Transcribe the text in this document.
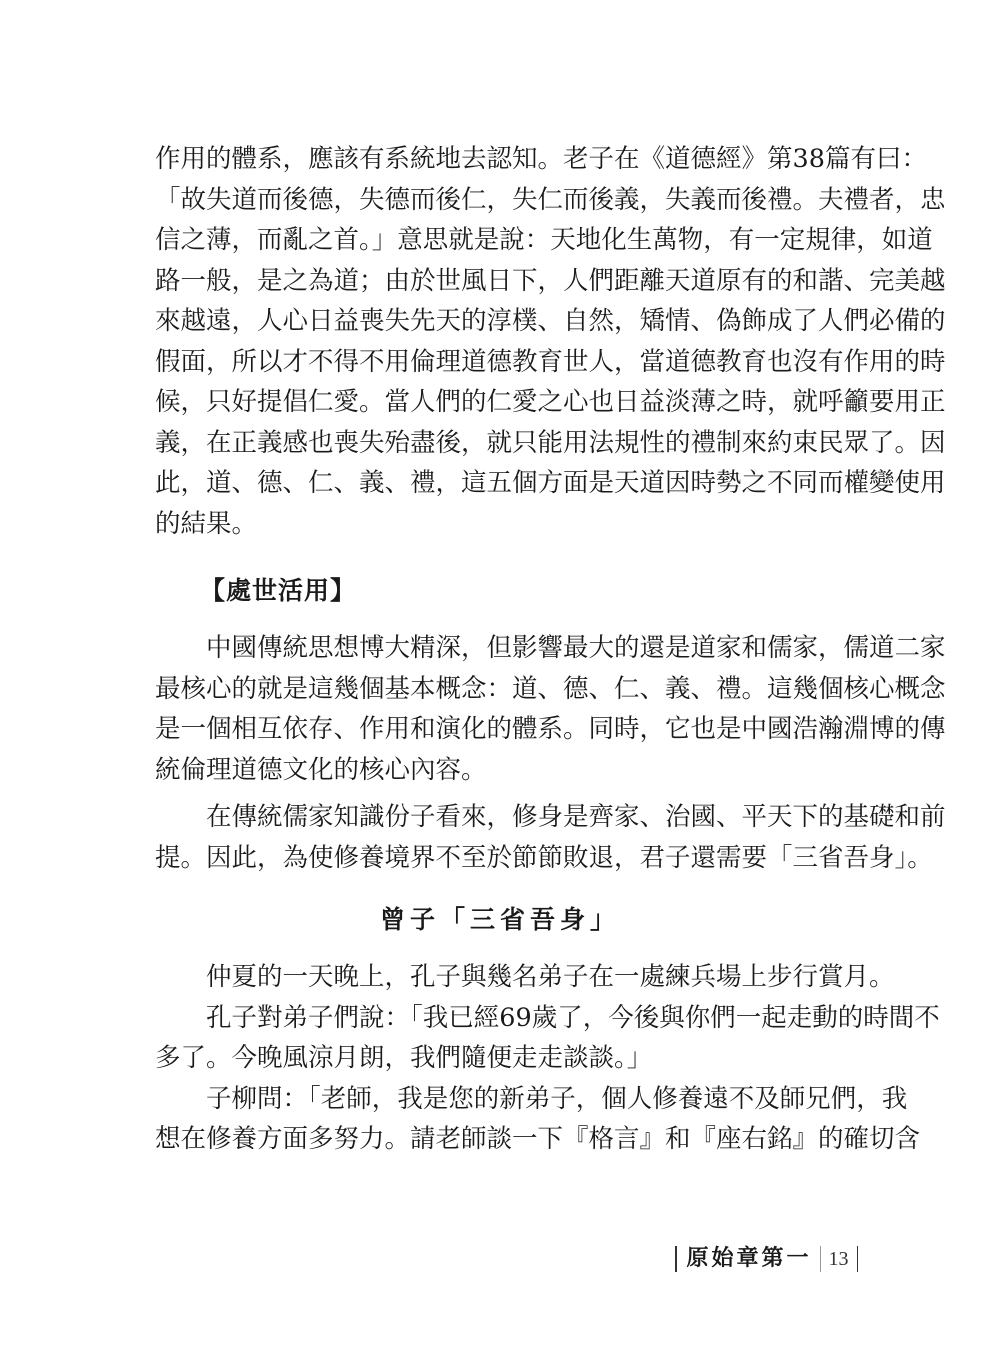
作用的體系，應該有系統地去認知。老子在《道德經》第38篇有曰：
「故失道而後德，失德而後仁，失仁而後義，失義而後禮。夫禮者，忠
信之薄，而亂之首。」意思就是說：天地化生萬物，有一定規律，如道
路一般，是之為道；由於世風日下，人們距離天道原有的和諧、完美越
來越遠，人心日益喪失先天的淳樸、自然，矯情、偽飾成了人們必備的
假面，所以才不得不用倫理道德教育世人，當道德教育也沒有作用的時
候，只好提倡仁愛。當人們的仁愛之心也日益淡薄之時，就呼籲要用正
義，在正義感也喪失殆盡後，就只能用法規性的禮制來約束民眾了。因
此，道、德、仁、義、禮，這五個方面是天道因時勢之不同而權變使用
的結果。
【處世活用】
中國傳統思想博大精深，但影響最大的還是道家和儒家，儒道二家
最核心的就是這幾個基本概念：道、德、仁、義、禮。這幾個核心概念
是一個相互依存、作用和演化的體系。同時，它也是中國浩瀚淵博的傳
統倫理道德文化的核心內容。
在傳統儒家知識份子看來，修身是齊家、治國、平天下的基礎和前
提。因此，為使修養境界不至於節節敗退，君子還需要「三省吾身」。
曾子「三省吾身」
仲夏的一天晚上，孔子與幾名弟子在一處練兵場上步行賞月。
孔子對弟子們說：「我已經69歲了，今後與你們一起走動的時間不
多了。今晚風涼月朗，我們隨便走走談談。」
子柳問：「老師，我是您的新弟子，個人修養遠不及師兄們，我
想在修養方面多努力。請老師談一下『格言』和『座右銘』的確切含
原始章第一 13
